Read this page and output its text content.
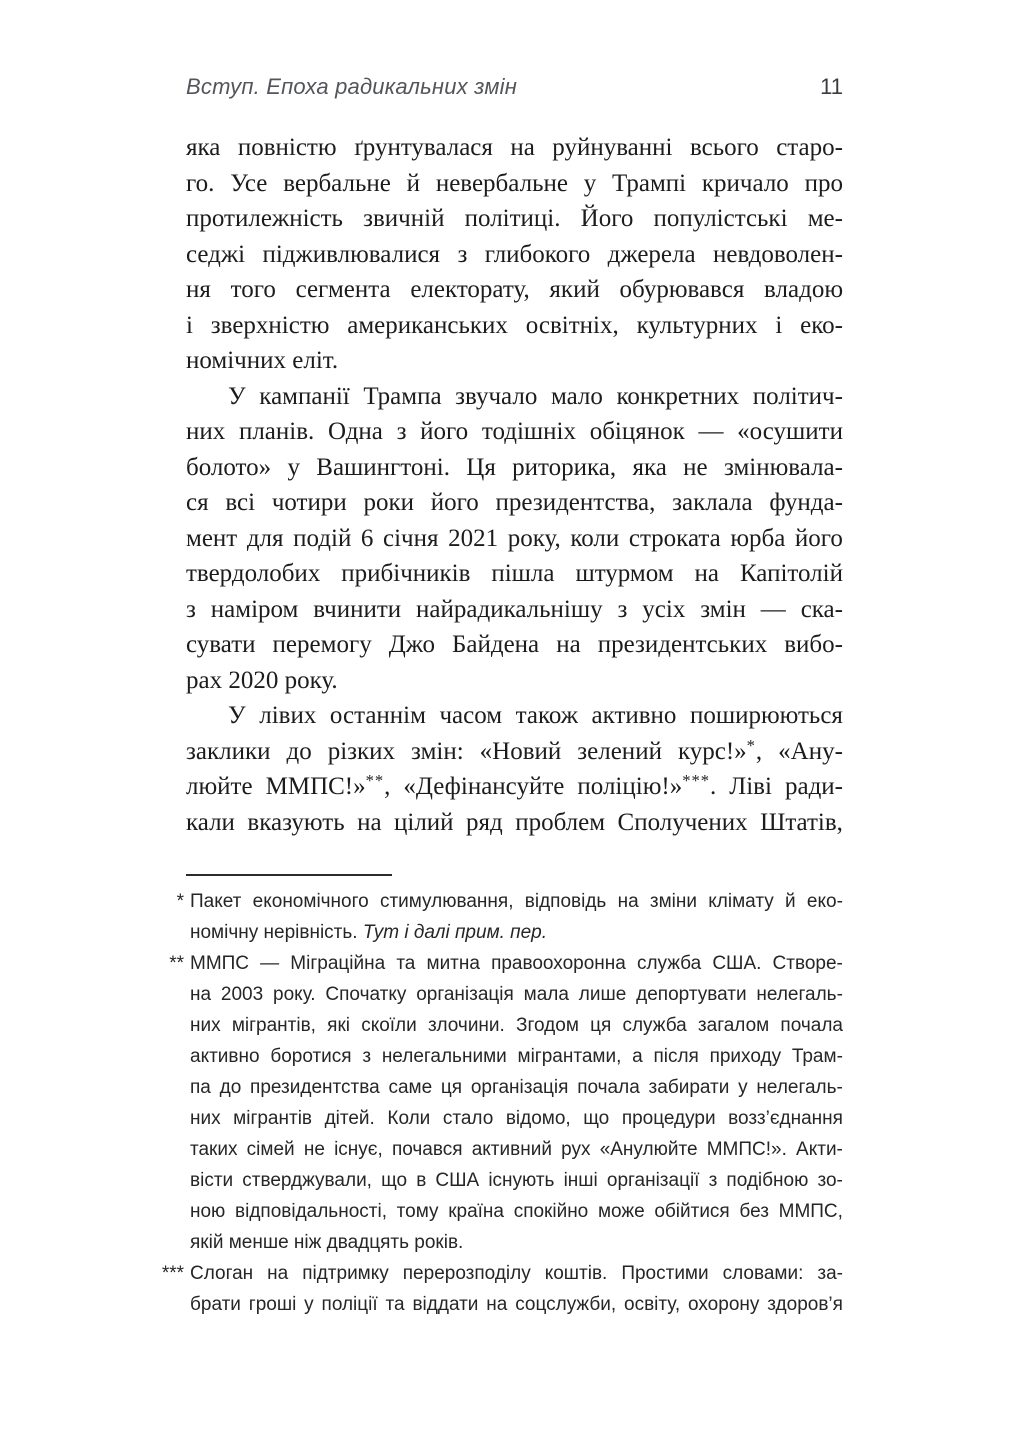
Вступ. Епоха радикальних змін	11
яка повністю ґрунтувалася на руйнуванні всього старо-
го. Усе вербальне й невербальне у Трампі кричало про
протилежність звичній політиці. Його популістські ме-
седжі підживлювалися з глибокого джерела невдоволен-
ня того сегмента електорату, який обурювався владою
і зверхністю американських освітніх, культурних і еко-
номічних еліт.
У кампанії Трампа звучало мало конкретних політич-
них планів. Одна з його тодішніх обіцянок — «осушити
болото» у Вашингтоні. Ця риторика, яка не змінювала-
ся всі чотири роки його президентства, заклала фунда-
мент для подій 6 січня 2021 року, коли строката юрба його
твердолобих прибічників пішла штурмом на Капітолій
з наміром вчинити найрадикальнішу з усіх змін — ска-
сувати перемогу Джо Байдена на президентських вибо-
рах 2020 року.
У лівих останнім часом також активно поширюються
заклики до різких змін: «Новий зелений курс!»*, «Ану-
люйте ММПС!»**, «Дефінансуйте поліцію!»***. Ліві ради-
кали вказують на цілий ряд проблем Сполучених Штатів,
* Пакет економічного стимулювання, відповідь на зміни клімату й еко-
номічну нерівність. Тут і далі прим. пер.
** ММПС — Міграційна та митна правоохоронна служба США. Створе-
на 2003 року. Спочатку організація мала лише депортувати нелегаль-
них мігрантів, які скоїли злочини. Згодом ця служба загалом почала
активно боротися з нелегальними мігрантами, а після приходу Трам-
па до президентства саме ця організація почала забирати у нелегаль-
них мігрантів дітей. Коли стало відомо, що процедури возз’єднання
таких сімей не існує, почався активний рух «Анулюйте ММПС!». Акти-
вісти стверджували, що в США існують інші організації з подібною зо-
ною відповідальності, тому країна спокійно може обійтися без ММПС,
якій менше ніж двадцять років.
*** Слоган на підтримку перерозподілу коштів. Простими словами: за-
брати гроші у поліції та віддати на соцслужби, освіту, охорону здоров’я
